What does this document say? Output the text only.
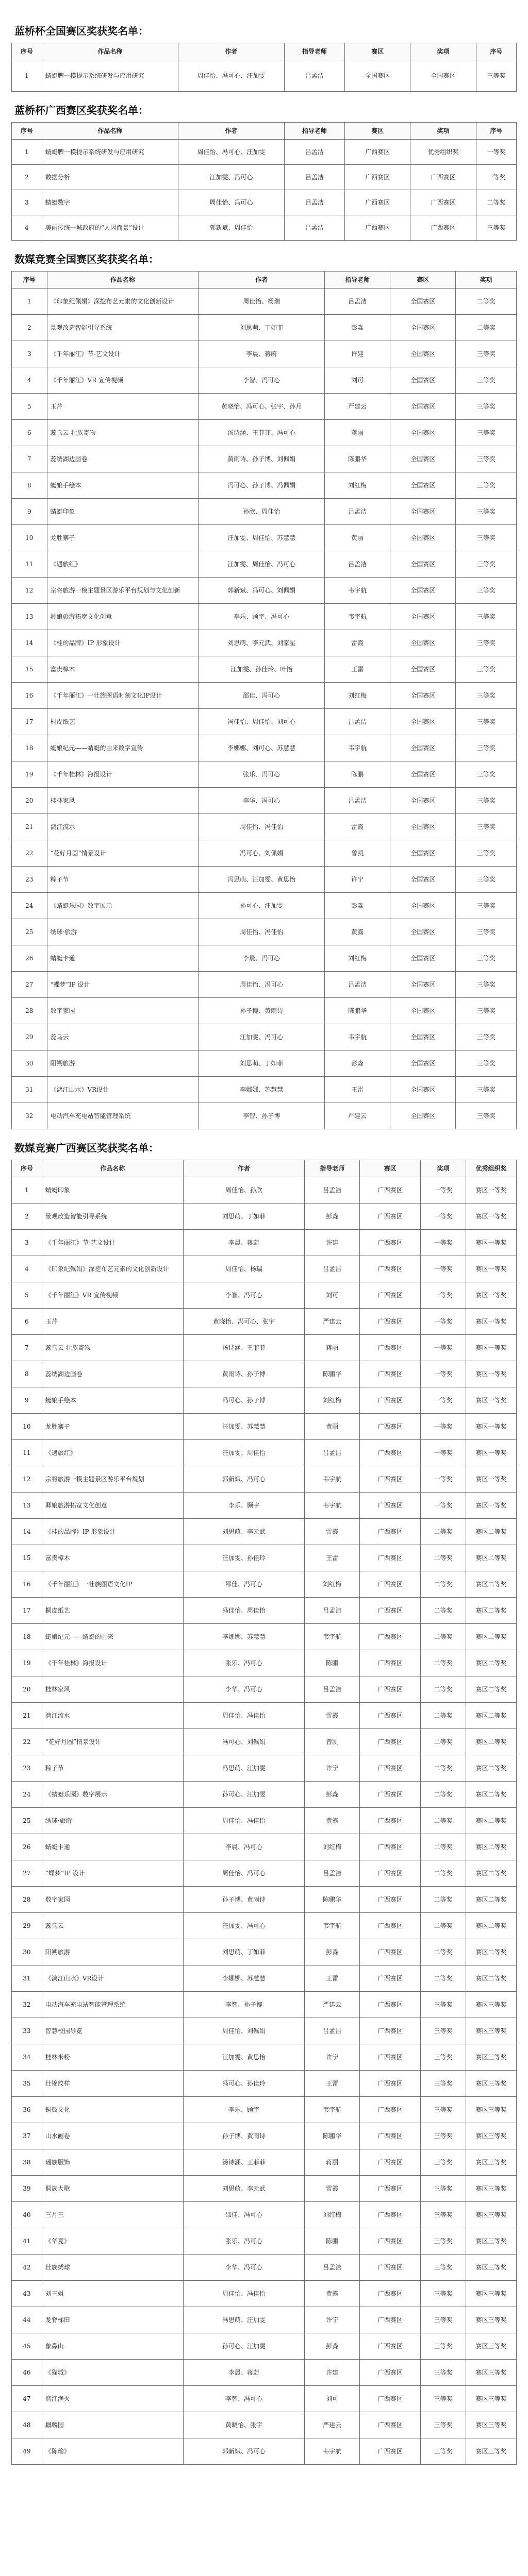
蓝桥杯全国赛区奖获奖名单：
序号	作品名称	作者	指导老师	赛区	奖项	序号
1	蜻蜓脾一模提示系统研发与应用研究	周佳怡、冯可心、汪加雯	吕孟洁	全国赛区	全国赛区	三等奖
蓝桥杯广西赛区奖获奖名单：
序号	作品名称	作者	指导老师	赛区	奖项	序号
1	蜻蜓脾一模提示系统研发与应用研究	周佳怡、冯可心、汪加雯	吕孟洁	广西赛区	优秀组织奖	一等奖
2	数据分析	汪加雯、冯可心	吕孟洁	广西赛区	广西赛区	一等奖
3	蜻蜓数字	周佳怡、冯可心	吕孟洁	广西赛区	广西赛区	二等奖
4	美丽传统一城政府的“人因而景”设计	郭新斌、周佳怡	吕孟洁	广西赛区	广西赛区	三等奖
数媒竞赛全国赛区奖获奖名单：
序号	作品名称	作者	指导老师	赛区	奖项
1	《印象纪佩娟》深挖布艺元素的文化创新设计	周佳怡、杨瑞	吕孟洁	全国赛区	二等奖
2	景观改造智能引导系统	刘思萌、丁如菲	彭淼	全国赛区	二等奖
3	《千年丽江》节-艺文设计	李晨、蒋蔚	许建	全国赛区	三等奖
4	《千年丽江》VR 宣传视频	李智、冯可心	刘可	全国赛区	三等奖
5	玉芹	黄晓怡、冯可心、张宇、孙月	严建云	全国赛区	三等奖
6	蕊乌云-壮族寄物	汤诗涵、王菲菲、冯可心	蒋丽	全国赛区	三等奖
7	蕊绣湖边画卷	黄雨诗、孙子博、刘佩娟	陈鹏华	全国赛区	三等奖
8	蜓娘手绘本	冯可心、孙子博、冯佩娟	刘红梅	全国赛区	三等奖
9	蜻蜓印象	孙欣、周佳怡	吕孟洁	全国赛区	三等奖
10	龙胜寨子	汪加雯、周佳怡、苏慧慧	黄丽	全国赛区	三等奖
11	《遇旅红》	汪加雯、周佳怡、冯可心	吕孟洁	全国赛区	三等奖
12	宗将旅游一模主题景区游乐平台规划与文化创新	郭新斌、冯可心、刘佩娟	韦宇航	全国赛区	三等奖
13	卿娘旅游拓宽文化创意	李乐、顾宇、冯可心	韦宇航	全国赛区	三等奖
14	《桂的品牌》IP 形象设计	刘思萌、李元武、刘家星	雷霞	全国赛区	三等奖
15	富贵樟木	汪加雯、孙佳玲、叶怡	王雷	全国赛区	三等奖
16	《千年丽江》一壮族图语时刻文化IP设计	邵佳、冯可心	刘红梅	全国赛区	三等奖
17	桐皮纸艺	冯佳怡、周佳怡、刘可心	吕孟洁	全国赛区	三等奖
18	蜓娘纪元——蜻蜓的由来数字宣传	李娜娜、刘可心、苏慧慧	韦宇航	全国赛区	三等奖
19	《千年桂林》海报设计	张乐、冯可心	陈鹏	全国赛区	三等奖
20	桂林家风	李华、冯可心	吕孟洁	全国赛区	三等奖
21	漓江流水	周佳怡、冯佳怡	雷霞	全国赛区	三等奖
22	“花好月圆”情景设计	冯可心、刘佩娟	曾凯	全国赛区	三等奖
23	粽子节	冯思萌、汪加雯、黄思怡	许宁	全国赛区	三等奖
24	《蜻蜓乐园》数字展示	孙可心、汪加雯	彭淼	全国赛区	三等奖
25	绣球·旅游	周佳怡、冯佳怡	黄露	全国赛区	三等奖
26	蜻蜓卡通	李晨、冯可心	刘红梅	全国赛区	三等奖
27	“蝶梦”IP 设计	周佳怡、冯可心	吕孟洁	全国赛区	三等奖
28	数字家园	孙子博、黄雨诗	陈鹏华	全国赛区	三等奖
29	蕊乌云	汪加雯、冯可心	韦宇航	全国赛区	三等奖
30	阳朔旅游	刘思萌、丁如菲	彭淼	全国赛区	三等奖
31	《漓江山水》VR设计	李娜娜、苏慧慧	王雷	全国赛区	三等奖
32	电动汽车充电站智能管理系统	李智、孙子博	严建云	全国赛区	三等奖
数媒竞赛广西赛区奖获奖名单：
序号	作品名称	作者	指导老师	赛区	奖项	优秀组织奖
1	蜻蜓印象	周佳怡、孙欣	吕孟洁	广西赛区	一等奖	赛区一等奖
2	景观改造智能引导系统	刘思萌、丁如菲	彭淼	广西赛区	一等奖	赛区一等奖
3	《千年丽江》节-艺文设计	李晨、蒋蔚	许建	广西赛区	一等奖	赛区一等奖
4	《印象纪佩娟》深挖布艺元素的文化创新设计	周佳怡、杨瑞	吕孟洁	广西赛区	一等奖	赛区一等奖
5	《千年丽江》VR 宣传视频	李智、冯可心	刘可	广西赛区	一等奖	赛区一等奖
6	玉芹	黄晓怡、冯可心、张宇	严建云	广西赛区	一等奖	赛区一等奖
7	蕊乌云-壮族寄物	汤诗涵、王菲菲	蒋丽	广西赛区	一等奖	赛区一等奖
8	蕊绣湖边画卷	黄雨诗、孙子博	陈鹏华	广西赛区	一等奖	赛区一等奖
9	蜓娘手绘本	冯可心、孙子博	刘红梅	广西赛区	一等奖	赛区一等奖
10	龙胜寨子	汪加雯、苏慧慧	黄丽	广西赛区	一等奖	赛区一等奖
11	《遇旅红》	汪加雯、周佳怡	吕孟洁	广西赛区	一等奖	赛区一等奖
12	宗将旅游一模主题景区游乐平台规划	郭新斌、冯可心	韦宇航	广西赛区	一等奖	赛区一等奖
13	卿娘旅游拓宽文化创意	李乐、顾宇	韦宇航	广西赛区	一等奖	赛区一等奖
14	《桂的品牌》IP 形象设计	刘思萌、李元武	雷霞	广西赛区	二等奖	赛区二等奖
15	富贵樟木	汪加雯、孙佳玲	王雷	广西赛区	二等奖	赛区二等奖
16	《千年丽江》一壮族图语文化IP	邵佳、冯可心	刘红梅	广西赛区	二等奖	赛区二等奖
17	桐皮纸艺	冯佳怡、周佳怡	吕孟洁	广西赛区	二等奖	赛区二等奖
18	蜓娘纪元——蜻蜓的由来	李娜娜、苏慧慧	韦宇航	广西赛区	二等奖	赛区二等奖
19	《千年桂林》海报设计	张乐、冯可心	陈鹏	广西赛区	二等奖	赛区二等奖
20	桂林家风	李华、冯可心	吕孟洁	广西赛区	二等奖	赛区二等奖
21	漓江流水	周佳怡、冯佳怡	雷霞	广西赛区	二等奖	赛区二等奖
22	“花好月圆”情景设计	冯可心、刘佩娟	曾凯	广西赛区	二等奖	赛区二等奖
23	粽子节	冯思萌、汪加雯	许宁	广西赛区	二等奖	赛区二等奖
24	《蜻蜓乐园》数字展示	孙可心、汪加雯	彭淼	广西赛区	二等奖	赛区二等奖
25	绣球·旅游	周佳怡、冯佳怡	黄露	广西赛区	二等奖	赛区二等奖
26	蜻蜓卡通	李晨、冯可心	刘红梅	广西赛区	二等奖	赛区二等奖
27	“蝶梦”IP 设计	周佳怡、冯可心	吕孟洁	广西赛区	二等奖	赛区二等奖
28	数字家园	孙子博、黄雨诗	陈鹏华	广西赛区	二等奖	赛区二等奖
29	蕊乌云	汪加雯、冯可心	韦宇航	广西赛区	二等奖	赛区二等奖
30	阳朔旅游	刘思萌、丁如菲	彭淼	广西赛区	二等奖	赛区二等奖
31	《漓江山水》VR设计	李娜娜、苏慧慧	王雷	广西赛区	二等奖	赛区二等奖
32	电动汽车充电站智能管理系统	李智、孙子博	严建云	广西赛区	三等奖	赛区三等奖
33	智慧校园导览	周佳怡、刘佩娟	吕孟洁	广西赛区	三等奖	赛区三等奖
34	桂林米粉	汪加雯、黄思怡	许宁	广西赛区	三等奖	赛区三等奖
35	壮锦纹样	冯可心、孙佳玲	王雷	广西赛区	三等奖	赛区三等奖
36	铜鼓文化	李乐、顾宇	韦宇航	广西赛区	三等奖	赛区三等奖
37	山水画卷	孙子博、黄雨诗	陈鹏华	广西赛区	三等奖	赛区三等奖
38	瑶族服饰	汤诗涵、王菲菲	蒋丽	广西赛区	三等奖	赛区三等奖
39	侗族大歌	刘思萌、李元武	雷霞	广西赛区	三等奖	赛区三等奖
40	三月三	邵佳、冯可心	刘红梅	广西赛区	三等奖	赛区三等奖
41	《华夏》	张乐、冯可心	陈鹏	广西赛区	三等奖	赛区三等奖
42	壮族绣球	李华、冯可心	吕孟洁	广西赛区	三等奖	赛区三等奖
43	刘三姐	周佳怡、冯佳怡	黄露	广西赛区	三等奖	赛区三等奖
44	龙脊梯田	冯思萌、汪加雯	许宁	广西赛区	三等奖	赛区三等奖
45	象鼻山	孙可心、汪加雯	彭淼	广西赛区	三等奖	赛区三等奖
46	《猫城》	李晨、蒋蔚	许建	广西赛区	三等奖	赛区三等奖
47	漓江渔火	李智、冯可心	刘可	广西赛区	三等奖	赛区三等奖
48	麒麟园	黄晓怡、张宇	严建云	广西赛区	三等奖	赛区三等奖
49	《陈瑜》	郭新斌、冯可心	韦宇航	广西赛区	三等奖	赛区三等奖
